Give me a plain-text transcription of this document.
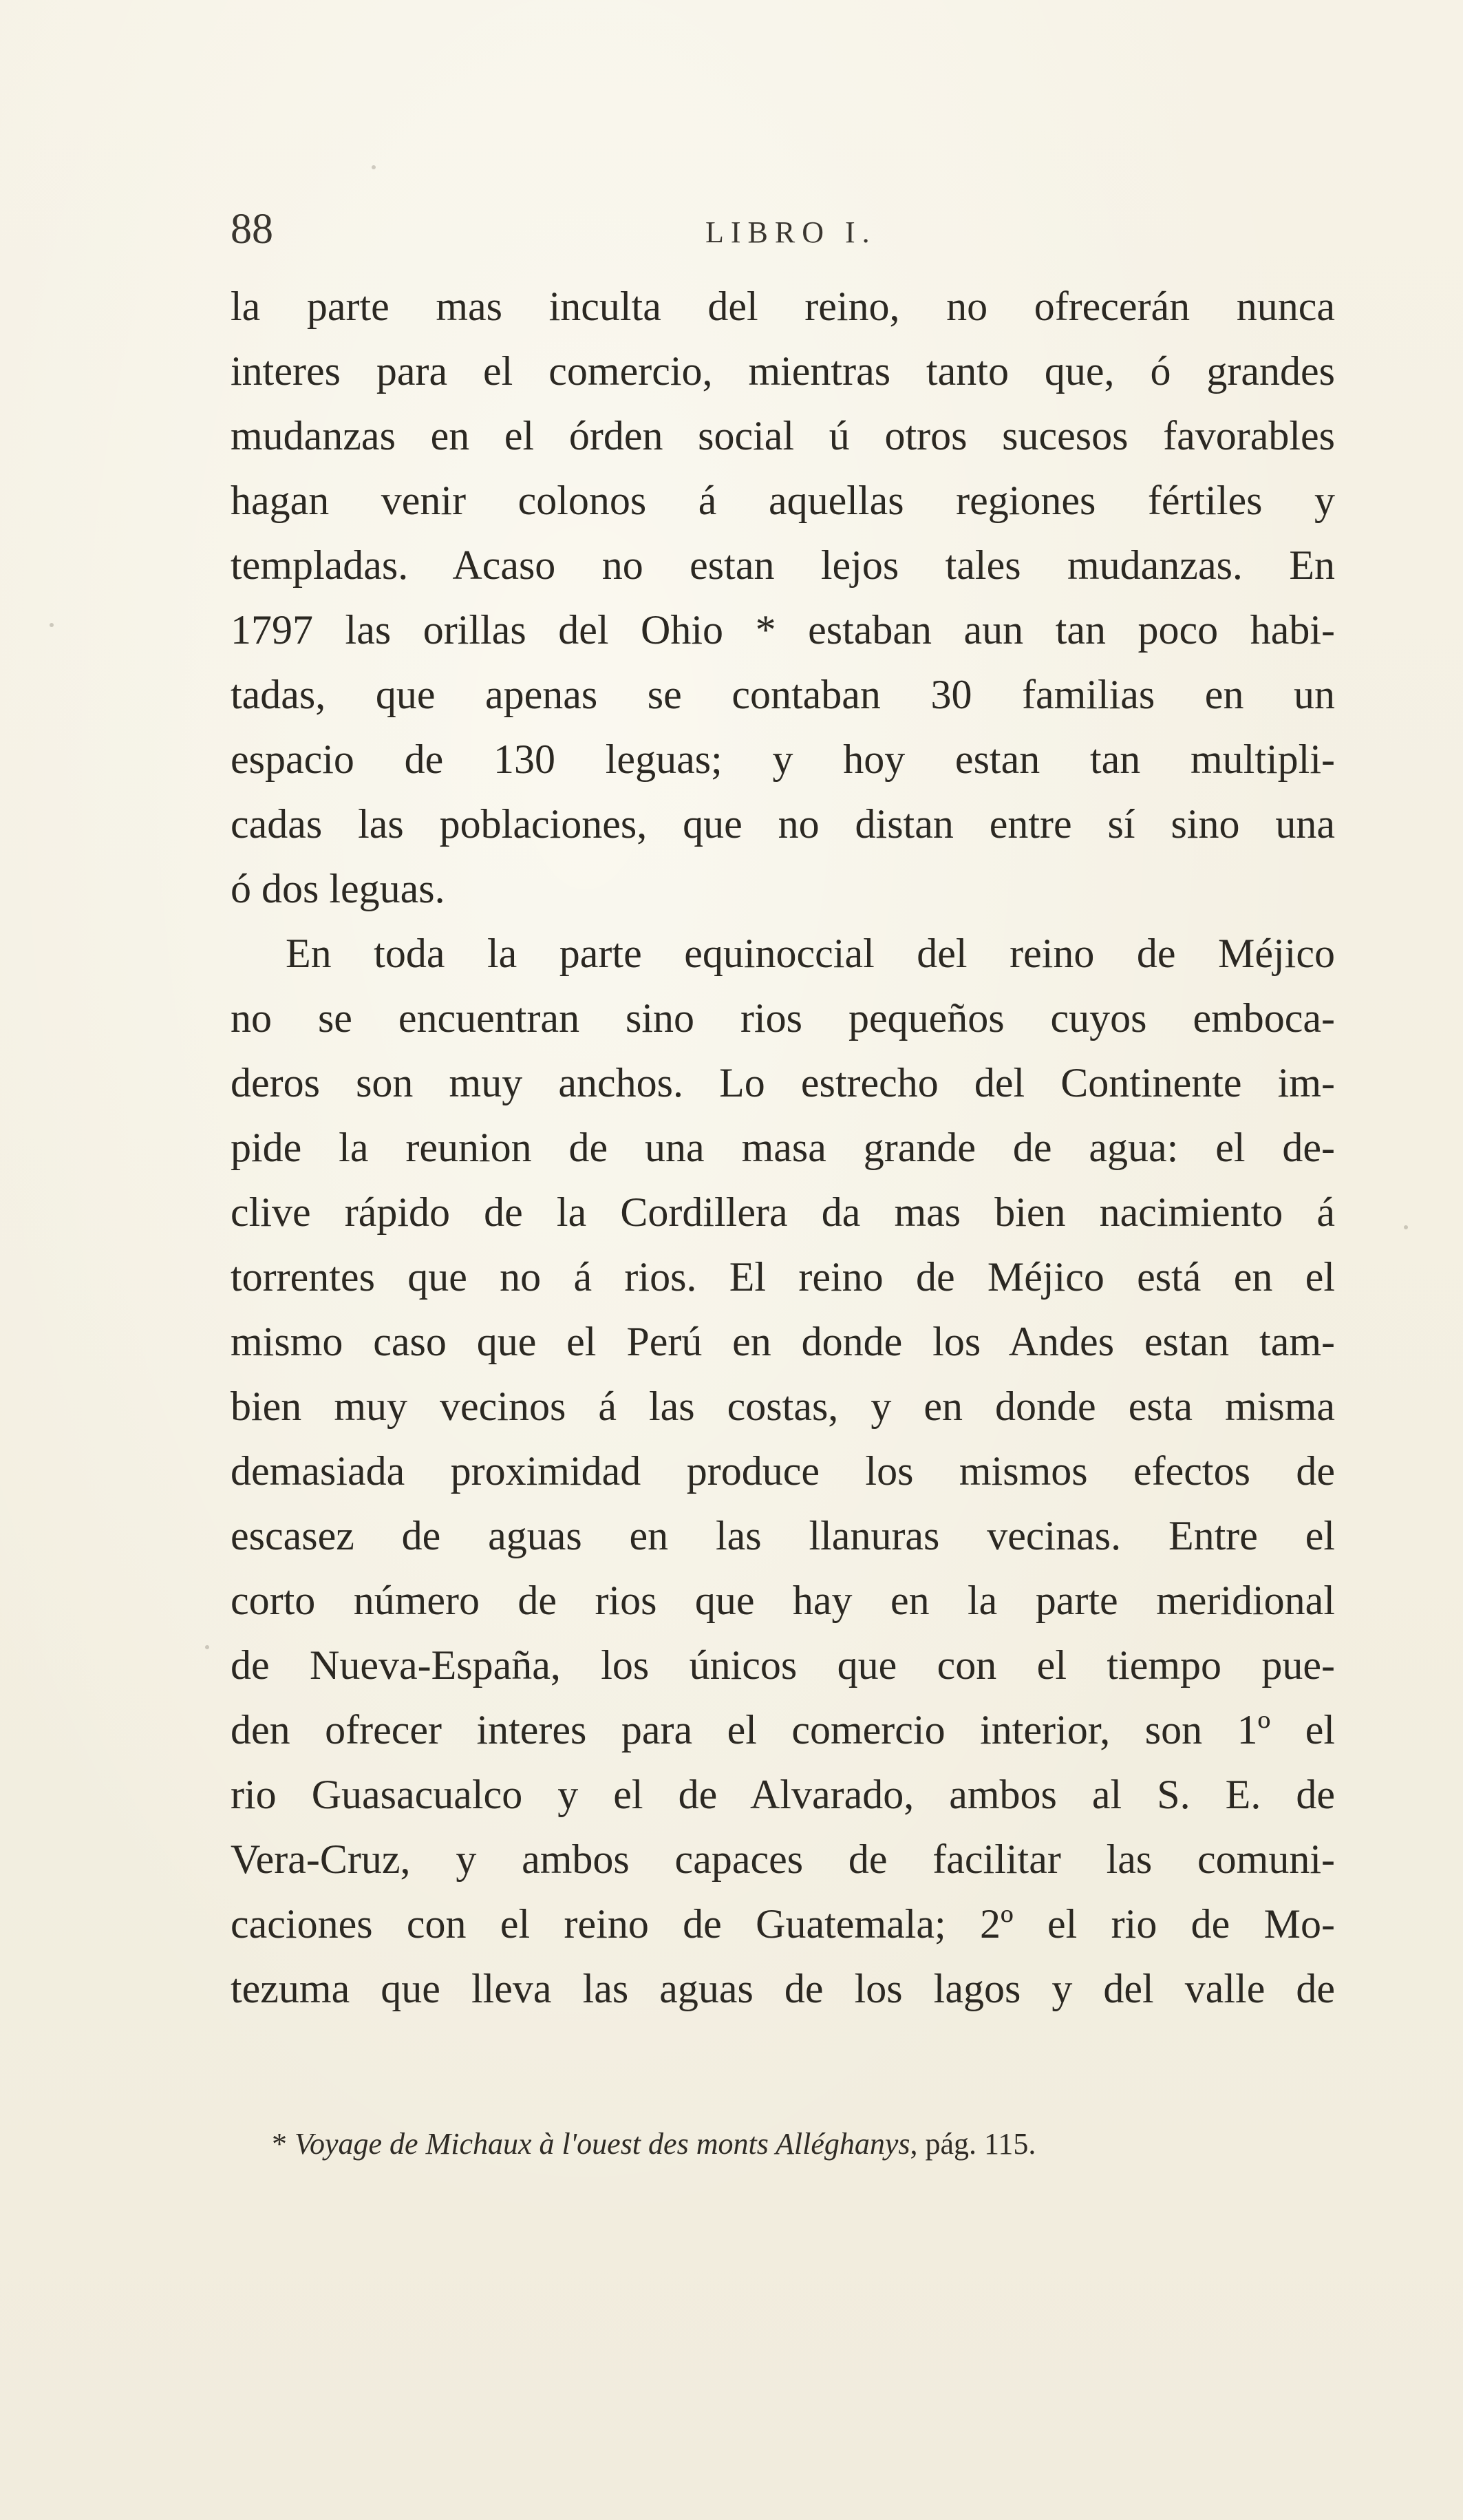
88	LIBRO I.
la parte mas inculta del reino, no ofrecerán nunca
interes para el comercio, mientras tanto que, ó grandes
mudanzas en el órden social ú otros sucesos favorables
hagan venir colonos á aquellas regiones fértiles y
templadas. Acaso no estan lejos tales mudanzas. En
1797 las orillas del Ohio * estaban aun tan poco habi-
tadas, que apenas se contaban 30 familias en un
espacio de 130 leguas; y hoy estan tan multipli-
cadas las poblaciones, que no distan entre sí sino una
ó dos leguas.
En toda la parte equinoccial del reino de Méjico
no se encuentran sino rios pequeños cuyos emboca-
deros son muy anchos. Lo estrecho del Continente im-
pide la reunion de una masa grande de agua: el de-
clive rápido de la Cordillera da mas bien nacimiento á
torrentes que no á rios. El reino de Méjico está en el
mismo caso que el Perú en donde los Andes estan tam-
bien muy vecinos á las costas, y en donde esta misma
demasiada proximidad produce los mismos efectos de
escasez de aguas en las llanuras vecinas. Entre el
corto número de rios que hay en la parte meridional
de Nueva-España, los únicos que con el tiempo pue-
den ofrecer interes para el comercio interior, son 1º el
rio Guasacualco y el de Alvarado, ambos al S. E. de
Vera-Cruz, y ambos capaces de facilitar las comuni-
caciones con el reino de Guatemala; 2º el rio de Mo-
tezuma que lleva las aguas de los lagos y del valle de
* Voyage de Michaux à l'ouest des monts Alléghanys, pág. 115.
